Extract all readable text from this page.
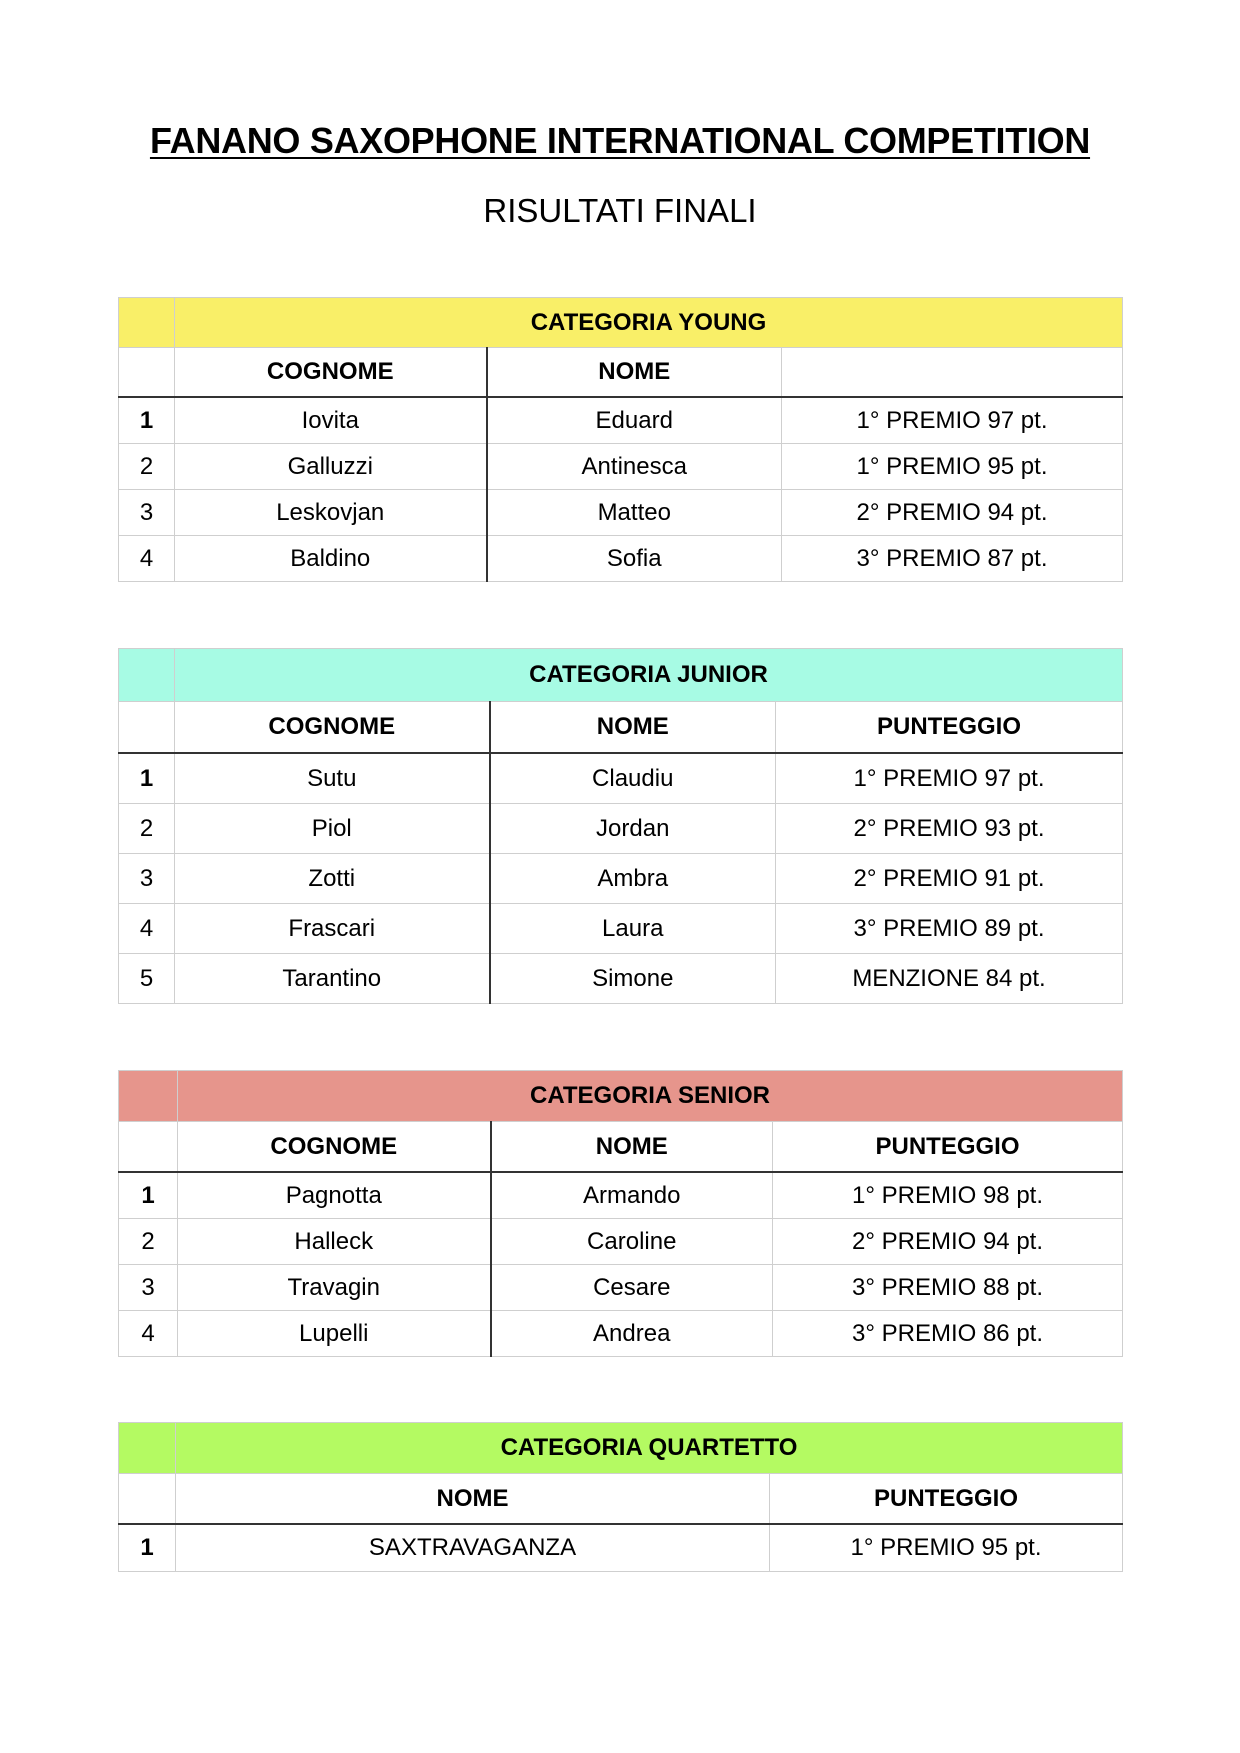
FANANO SAXOPHONE INTERNATIONAL COMPETITION
RISULTATI FINALI
	CATEGORIA YOUNG		
	COGNOME	NOME	
1	Iovita	Eduard	1° PREMIO 97 pt.
2	Galluzzi	Antinesca	1° PREMIO 95 pt.
3	Leskovjan	Matteo	2° PREMIO 94 pt.
4	Baldino	Sofia	3° PREMIO 87 pt.
	CATEGORIA JUNIOR		
	COGNOME	NOME	PUNTEGGIO
1	Sutu	Claudiu	1° PREMIO 97 pt.
2	Piol	Jordan	2° PREMIO 93 pt.
3	Zotti	Ambra	2° PREMIO 91 pt.
4	Frascari	Laura	3° PREMIO 89 pt.
5	Tarantino	Simone	MENZIONE 84 pt.
	CATEGORIA SENIOR		
	COGNOME	NOME	PUNTEGGIO
1	Pagnotta	Armando	1° PREMIO 98 pt.
2	Halleck	Caroline	2° PREMIO 94 pt.
3	Travagin	Cesare	3° PREMIO 88 pt.
4	Lupelli	Andrea	3° PREMIO 86 pt.
	CATEGORIA QUARTETTO	
	NOME	PUNTEGGIO
1	SAXTRAVAGANZA	1° PREMIO 95 pt.
